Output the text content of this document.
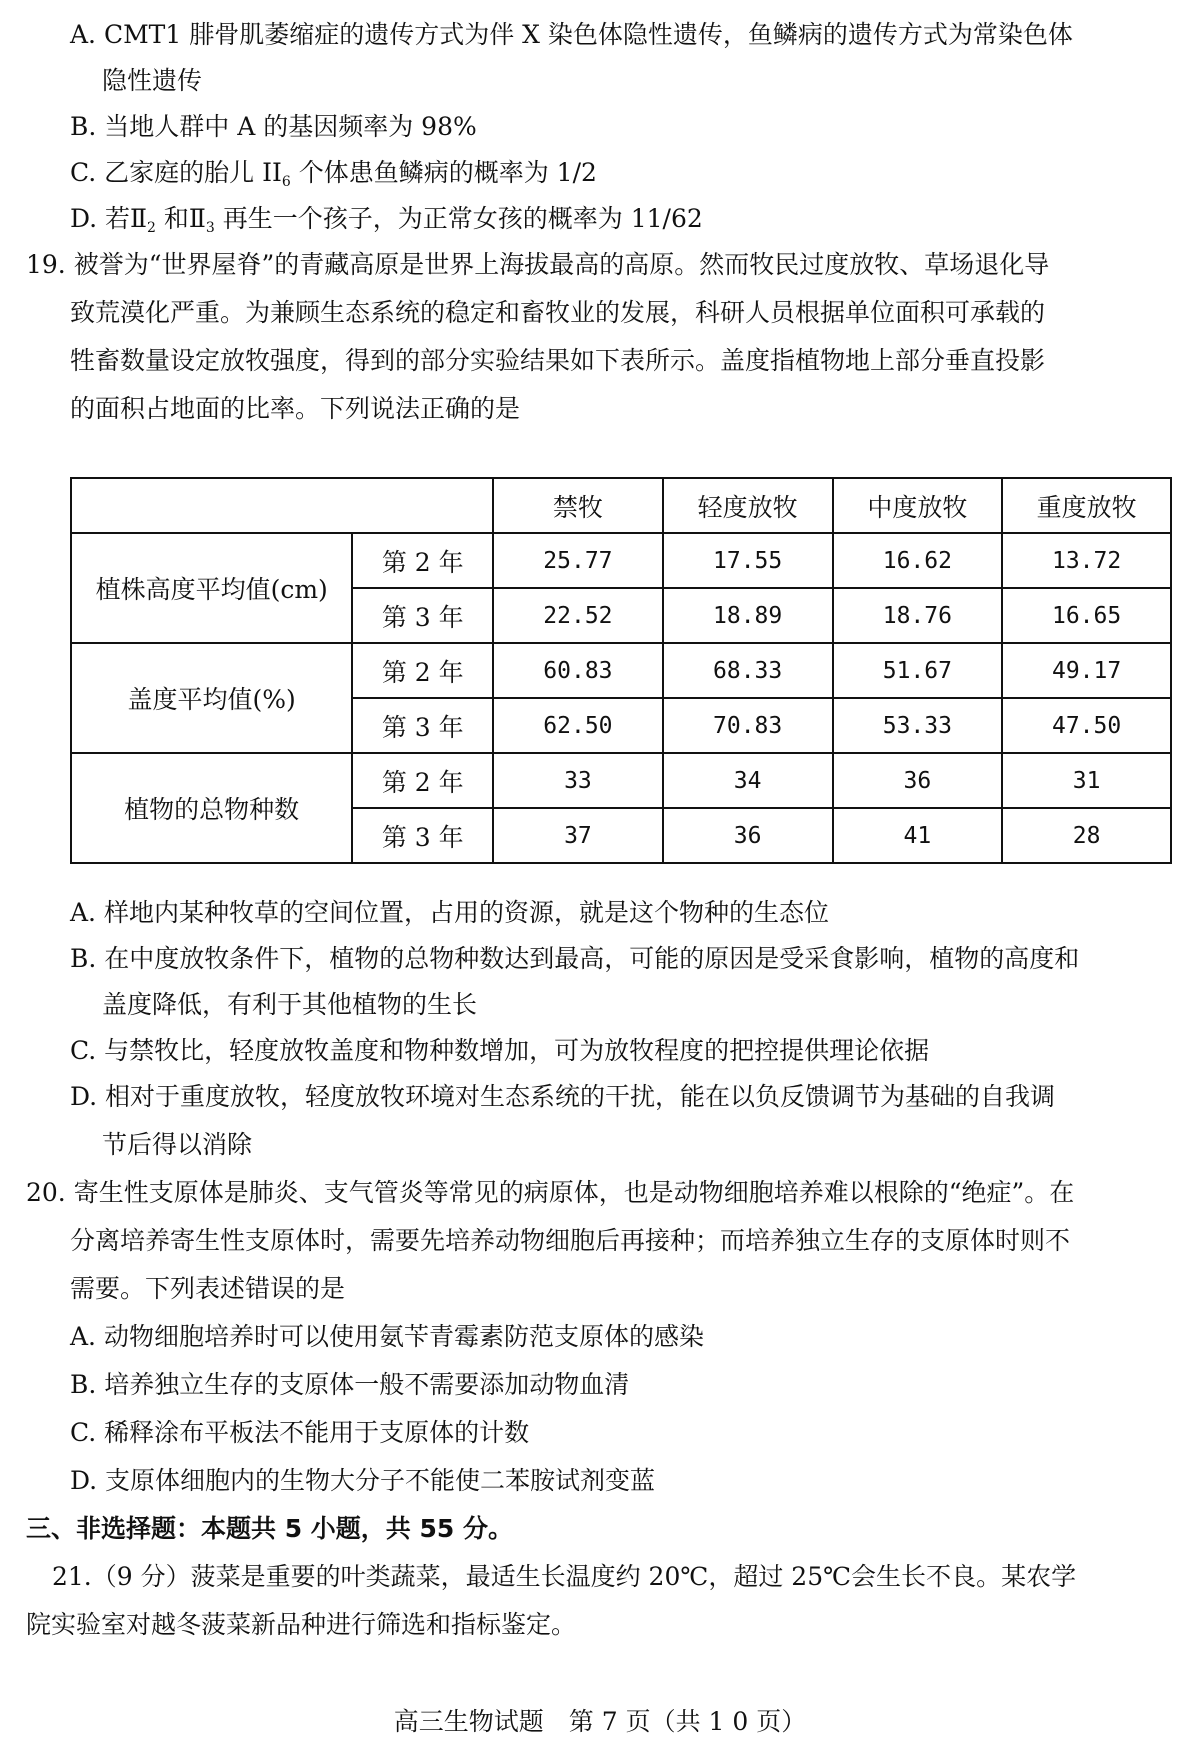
A. CMT1 腓骨肌萎缩症的遗传方式为伴 X 染色体隐性遗传，鱼鳞病的遗传方式为常染色体
隐性遗传
B. 当地人群中 A 的基因频率为 98%
C. 乙家庭的胎儿 $II_6$ 个体患鱼鳞病的概率为 1/2
D. 若$Ⅱ_2$ 和$Ⅱ_3$ 再生一个孩子，为正常女孩的概率为 11/62
19. 被誉为“世界屋脊”的青藏高原是世界上海拔最高的高原。然而牧民过度放牧、草场退化导
致荒漠化严重。为兼顾生态系统的稳定和畜牧业的发展，科研人员根据单位面积可承载的
牲畜数量设定放牧强度，得到的部分实验结果如下表所示。盖度指植物地上部分垂直投影
的面积占地面的比率。下列说法正确的是
		禁牧	轻度放牧	中度放牧	重度放牧
植株高度平均值(cm)	第 2 年	25.77	17.55	16.62	13.72
	第 3 年	22.52	18.89	18.76	16.65
盖度平均值(%)	第 2 年	60.83	68.33	51.67	49.17
	第 3 年	62.50	70.83	53.33	47.50
植物的总物种数	第 2 年	33	34	36	31
	第 3 年	37	36	41	28
A. 样地内某种牧草的空间位置，占用的资源，就是这个物种的生态位
B. 在中度放牧条件下，植物的总物种数达到最高，可能的原因是受采食影响，植物的高度和
盖度降低，有利于其他植物的生长
C. 与禁牧比，轻度放牧盖度和物种数增加，可为放牧程度的把控提供理论依据
D. 相对于重度放牧，轻度放牧环境对生态系统的干扰，能在以负反馈调节为基础的自我调
节后得以消除
20. 寄生性支原体是肺炎、支气管炎等常见的病原体，也是动物细胞培养难以根除的“绝症”。在
分离培养寄生性支原体时，需要先培养动物细胞后再接种；而培养独立生存的支原体时则不
需要。下列表述错误的是
A. 动物细胞培养时可以使用氨苄青霉素防范支原体的感染
B. 培养独立生存的支原体一般不需要添加动物血清
C. 稀释涂布平板法不能用于支原体的计数
D. 支原体细胞内的生物大分子不能使二苯胺试剂变蓝
三、非选择题：本题共 5 小题，共 55 分。
21.（9 分）菠菜是重要的叶类蔬菜，最适生长温度约 20℃，超过 25℃会生长不良。某农学
院实验室对越冬菠菜新品种进行筛选和指标鉴定。
高三生物试题　第 7 页（共 1 0 页）
